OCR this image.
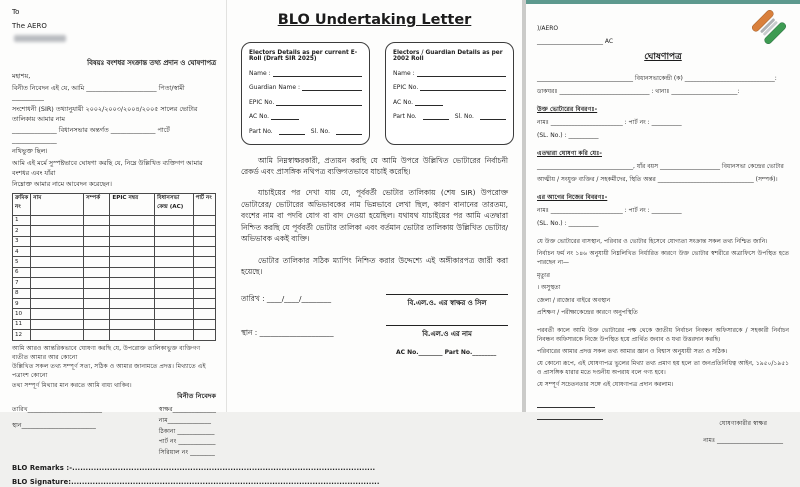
To
The AERO
বিষয়ঃ বংশধর সংক্রান্ত তথ্য প্রদান ও ঘোষণাপত্র
মহাশয়,
বিনীত নিবেদন এই যে, আমি ______________________ পিতা/স্বামী __________
সংশোধনী (SIR) তথ্যানুযায়ী ২০০২/২০০৩/২০০৪/২০০৫ সালের ভোটার তালিকায় আমার নাম
______________ বিধানসভার অন্তর্গত ______________ পার্টে ______________
নথিভুক্ত ছিল।
আমি এই মর্মে সুস্পষ্টভাবে ঘোষণা করছি যে, নিম্নে উল্লিখিত ব্যক্তিগণ আমার বংশধর এবং যাঁরা
নিম্নোক্ত আমার নামে আবেদন করেছেন।
ক্রমিক নং	নাম	সম্পর্ক	EPIC নম্বর	বিধানসভা কেন্দ্র (AC)	পার্ট নং
1					
2					
3					
4					
5					
6					
7					
8					
9					
10					
11					
12					
আমি আরও আন্তরিকভাবে ঘোষণা করছি যে, উপরোক্ত তালিকাভুক্ত ব্যক্তিগণ ব্যতীত আমার আর কোনো
উল্লিখিত সকল তথ্য সম্পূর্ণ সত্য, সঠিক ও আমার জানামতে প্রদত্ত। মিথ্যাতে এই পত্রাংশ কোনো
তথ্য সম্পূর্ণ মিথ্যার মান করতে আমি বাধ্য থাকিব।
বিনীত নিবেদক
তারিখ________________________
স্থান________________________
স্বাক্ষর______________
নাম______________
ঠিকানা ____________
পার্ট নং ____________
সিরিয়াল নং ________
BLO Remarks :-.................................................................................................................
BLO Signature:...................................................................................................................
BLO Undertaking Letter
Electors Details as per current E-Roll (Draft SIR 2025)
Name :
Guardian Name :
EPIC No.
AC No.
Part No.	Sl. No.
Electors / Guardian Details as per 2002 Roll
Name :
EPIC No.
AC No.
Part No.	Sl. No.
আমি নিম্নস্বাক্ষরকারী, প্রত্যয়ন করছি যে আমি উপরে উল্লিখিত ভোটারের নির্বাচনী রেকর্ড এবং প্রাসঙ্গিক নথিপত্র ব্যক্তিগতভাবে যাচাই করেছি।
যাচাইয়ের পর দেখা যায় যে, পূর্ববর্তী ভোটার তালিকায় (শেষ SIR) উপরোক্ত ভোটারের/ ভোটারের অভিভাবকের নাম ভিন্নভাবে লেখা ছিল, কারণ বানানের তারতম্য, বংশের নাম বা পদবি যোগ বা বাদ দেওয়া হয়েছিল। যথাযথ যাচাইয়ের পর আমি এতদ্বারা নিশ্চিত করছি যে পূর্ববর্তী ভোটার তালিকা এবং বর্তমান ভোটার তালিকায় উল্লিখিত ভোটার/অভিভাবক একই ব্যক্তি।
ভোটার তালিকার সঠিক ম্যাপিং নিশ্চিত করার উদ্দেশ্যে এই অঙ্গীকারপত্র জারী করা হয়েছে।
তারিখ : ____/____/________
স্থান : ____________________
বি.এল.ও. এর স্বাক্ষর ও সিল
বি.এল.ও এর নাম
AC No.________ Part No.________
)/AERO
______________________ AC
ঘোষণাপত্র
________________________________ বিধানসভাকেন্দ্রী (ক) ______________________________:
ডাকঘরঃ ______________________________ : থানাঃ ______________________:
উক্ত ভোটারের বিবরণঃ-
নামঃ ________________________ : পার্ট নং : __________
(SL. No.) : __________
এতদ্বারা ঘোষণা করি যেঃ-
________________________________, যাঁর বয়স ____________________ বিধানসভা কেন্দ্রের ভোটার
আত্মীয় / সংযুক্ত ব্যক্তির / সহকর্মীদের, স্থিতি অন্তর ________________________________ (সম্পর্ক)।
এর আগের নিজের বিবরণঃ-
নামঃ ________________________ : পার্ট নং : __________
(SL. No.) : __________
যে উক্ত ভোটারের বাসস্থান, পরিবার ও ভোটার হিসেবে যোগ্যতা সংক্রান্ত সকল তথ্য নিশ্চিত জানি।
নির্বাচন ফর্ম নং ১৪৬ অনুযায়ী নিম্নলিখিত নির্ধারিত কারণে উক্ত ভোটার স্বশরীরে অত্রাফিসে উপস্থিত হতে পারছেন না—
মৃত্যুর
। অসুস্থতা
জেলা / রাজ্যের বাইরে অবস্থান
প্রশিক্ষণ / পরীক্ষাকেন্দ্রের কারণে অনুপস্থিতি
পরবর্তী কালে আমি উক্ত ভোটারের পক্ষ থেকে জাতীয় নির্বাচন নিবন্ধন অফিসারকে / সহকারী নির্বাচন নিবন্ধন অফিসারকে নিজে উপস্থিত হয়ে প্রার্থিত জবাব ও যথা উত্তরদান করছি।
পরিবারের আমার প্রদত্ত সকল তথ্য আমার জ্ঞান ও বিশ্বাস অনুযায়ী সত্য ও সঠিক।
যে কোনো রূপে, এই ঘোষণাপত্র ভুলের মিথ্যা তথ্য প্রমাণ হয় হলে তা জনপ্রতিনিধিত্ব আইন, ১৯৫০/১৯৫১ ও প্রাসঙ্গিক ধারার মতে দণ্ডনীয় অপরাধ বলে গণ্য হবে।
যে সম্পূর্ণ সচেতনতার সঙ্গে এই ঘোষণাপত্র প্রদান করলাম।
ঘোষণাকারীর স্বাক্ষর
নামঃ ______________________
